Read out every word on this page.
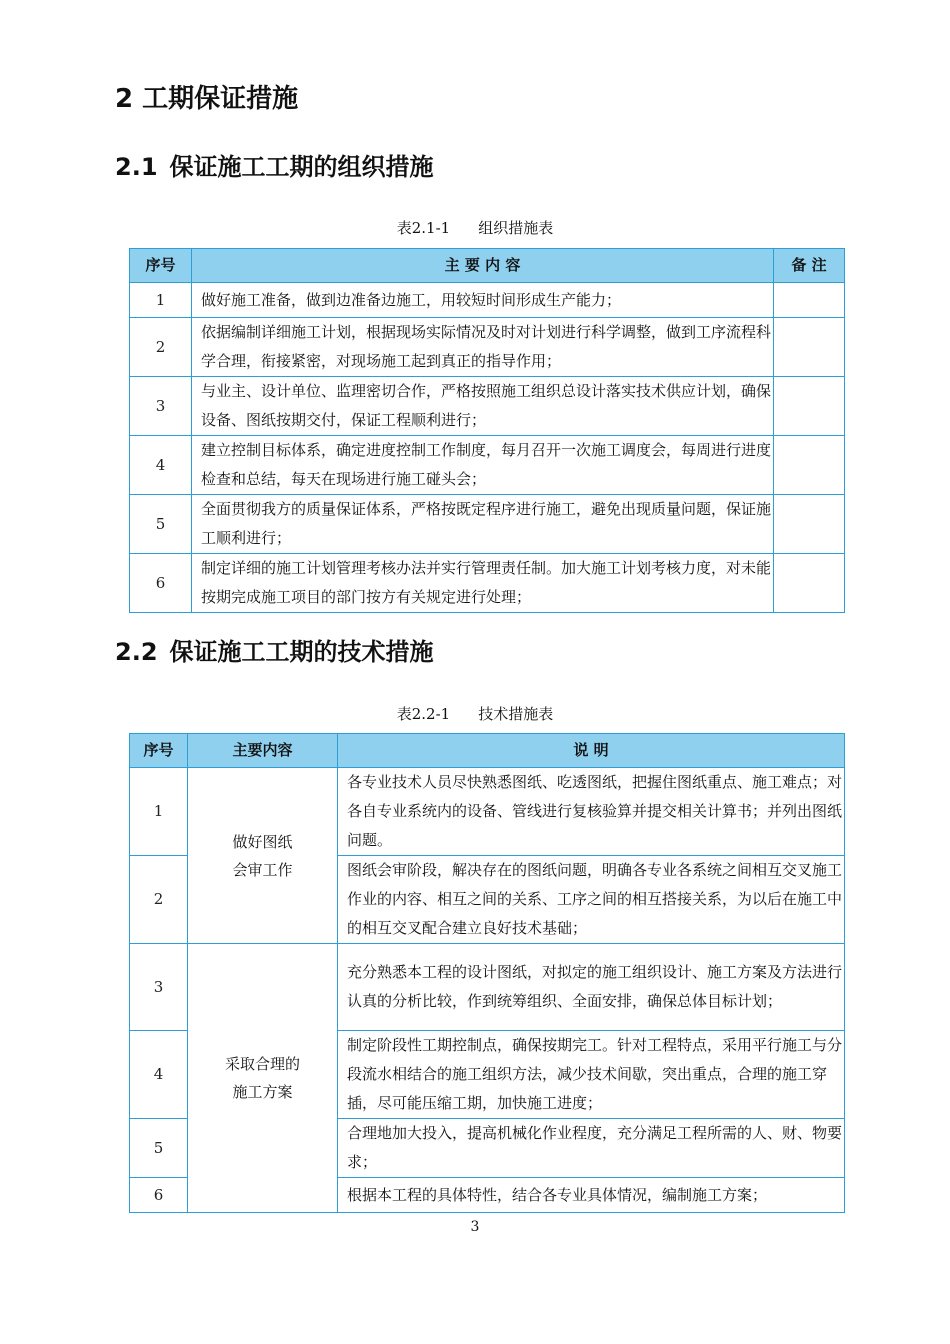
2 工期保证措施
2.1 保证施工工期的组织措施
表2.1-1 组织措施表
序号	主 要 内 容	备 注
1	做好施工准备，做到边准备边施工，用较短时间形成生产能力；	
2	依据编制详细施工计划，根据现场实际情况及时对计划进行科学调整，做到工序流程科学合理，衔接紧密，对现场施工起到真正的指导作用；	
3	与业主、设计单位、监理密切合作，严格按照施工组织总设计落实技术供应计划，确保设备、图纸按期交付，保证工程顺利进行；	
4	建立控制目标体系，确定进度控制工作制度，每月召开一次施工调度会，每周进行进度检查和总结，每天在现场进行施工碰头会；	
5	全面贯彻我方的质量保证体系，严格按既定程序进行施工，避免出现质量问题，保证施工顺利进行；	
6	制定详细的施工计划管理考核办法并实行管理责任制。加大施工计划考核力度，对未能按期完成施工项目的部门按方有关规定进行处理；	
2.2 保证施工工期的技术措施
表2.2-1 技术措施表
序号	主要内容	说 明
1	做好图纸
会审工作	各专业技术人员尽快熟悉图纸、吃透图纸，把握住图纸重点、施工难点；对各自专业系统内的设备、管线进行复核验算并提交相关计算书；并列出图纸问题。
2		图纸会审阶段，解决存在的图纸问题，明确各专业各系统之间相互交叉施工作业的内容、相互之间的关系、工序之间的相互搭接关系，为以后在施工中的相互交叉配合建立良好技术基础；
3	采取合理的
施工方案	充分熟悉本工程的设计图纸，对拟定的施工组织设计、施工方案及方法进行认真的分析比较，作到统筹组织、全面安排，确保总体目标计划；
4		制定阶段性工期控制点，确保按期完工。针对工程特点，采用平行施工与分段流水相结合的施工组织方法，减少技术间歇，突出重点，合理的施工穿插，尽可能压缩工期，加快施工进度；
5		合理地加大投入，提高机械化作业程度，充分满足工程所需的人、财、物要求；
6		根据本工程的具体特性，结合各专业具体情况，编制施工方案；
3
